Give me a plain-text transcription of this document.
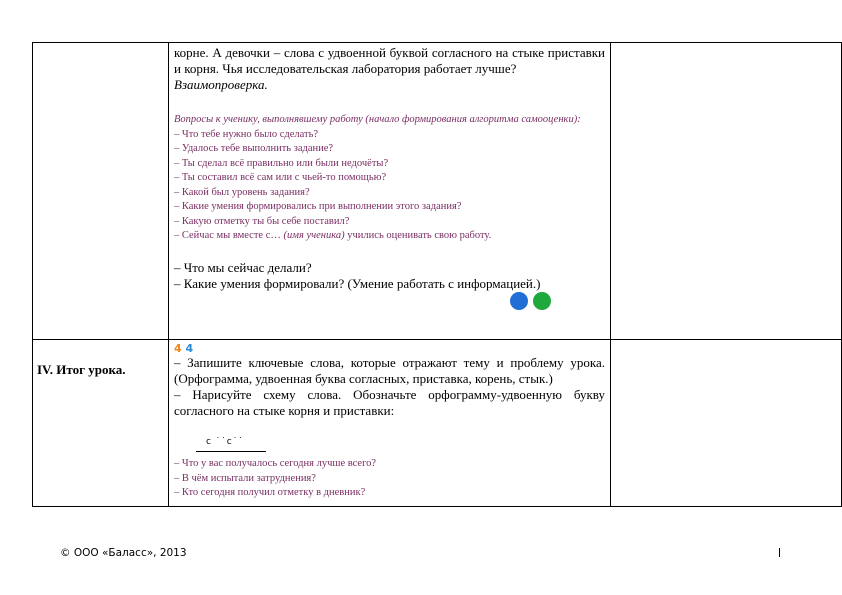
корне. А девочки – слова с удвоенной буквой согласного на стыке приставки и корня. Чья исследовательская лаборатория работает лучше?
Взаимопроверка.
Вопросы к ученику, выполнявшему работу (начало формирования алгоритма самооценки):
– Что тебе нужно было сделать?
– Удалось тебе выполнить задание?
– Ты сделал всё правильно или были недочёты?
– Ты составил всё сам или с чьей-то помощью?
– Какой был уровень задания?
– Какие умения формировались при выполнении этого задания?
– Какую отметку ты бы себе поставил?
– Сейчас мы вместе с… (имя ученика) учились оценивать свою работу.
– Что мы сейчас делали?
– Какие умения формировали? (Умение работать с информацией.)
IV. Итог урока.
4 4
– Запишите ключевые слова, которые отражают тему и проблему урока. (Орфограмма, удвоенная буква согласных, приставка, корень, стык.)
– Нарисуйте схему слова. Обозначьте орфограмму-удвоенную букву согласного на стыке корня и приставки:
с ˙˙с˙˙
– Что у вас получалось сегодня лучше всего?
– В чём испытали затруднения?
– Кто сегодня получил отметку в дневник?
© ООО «Баласс», 2013
